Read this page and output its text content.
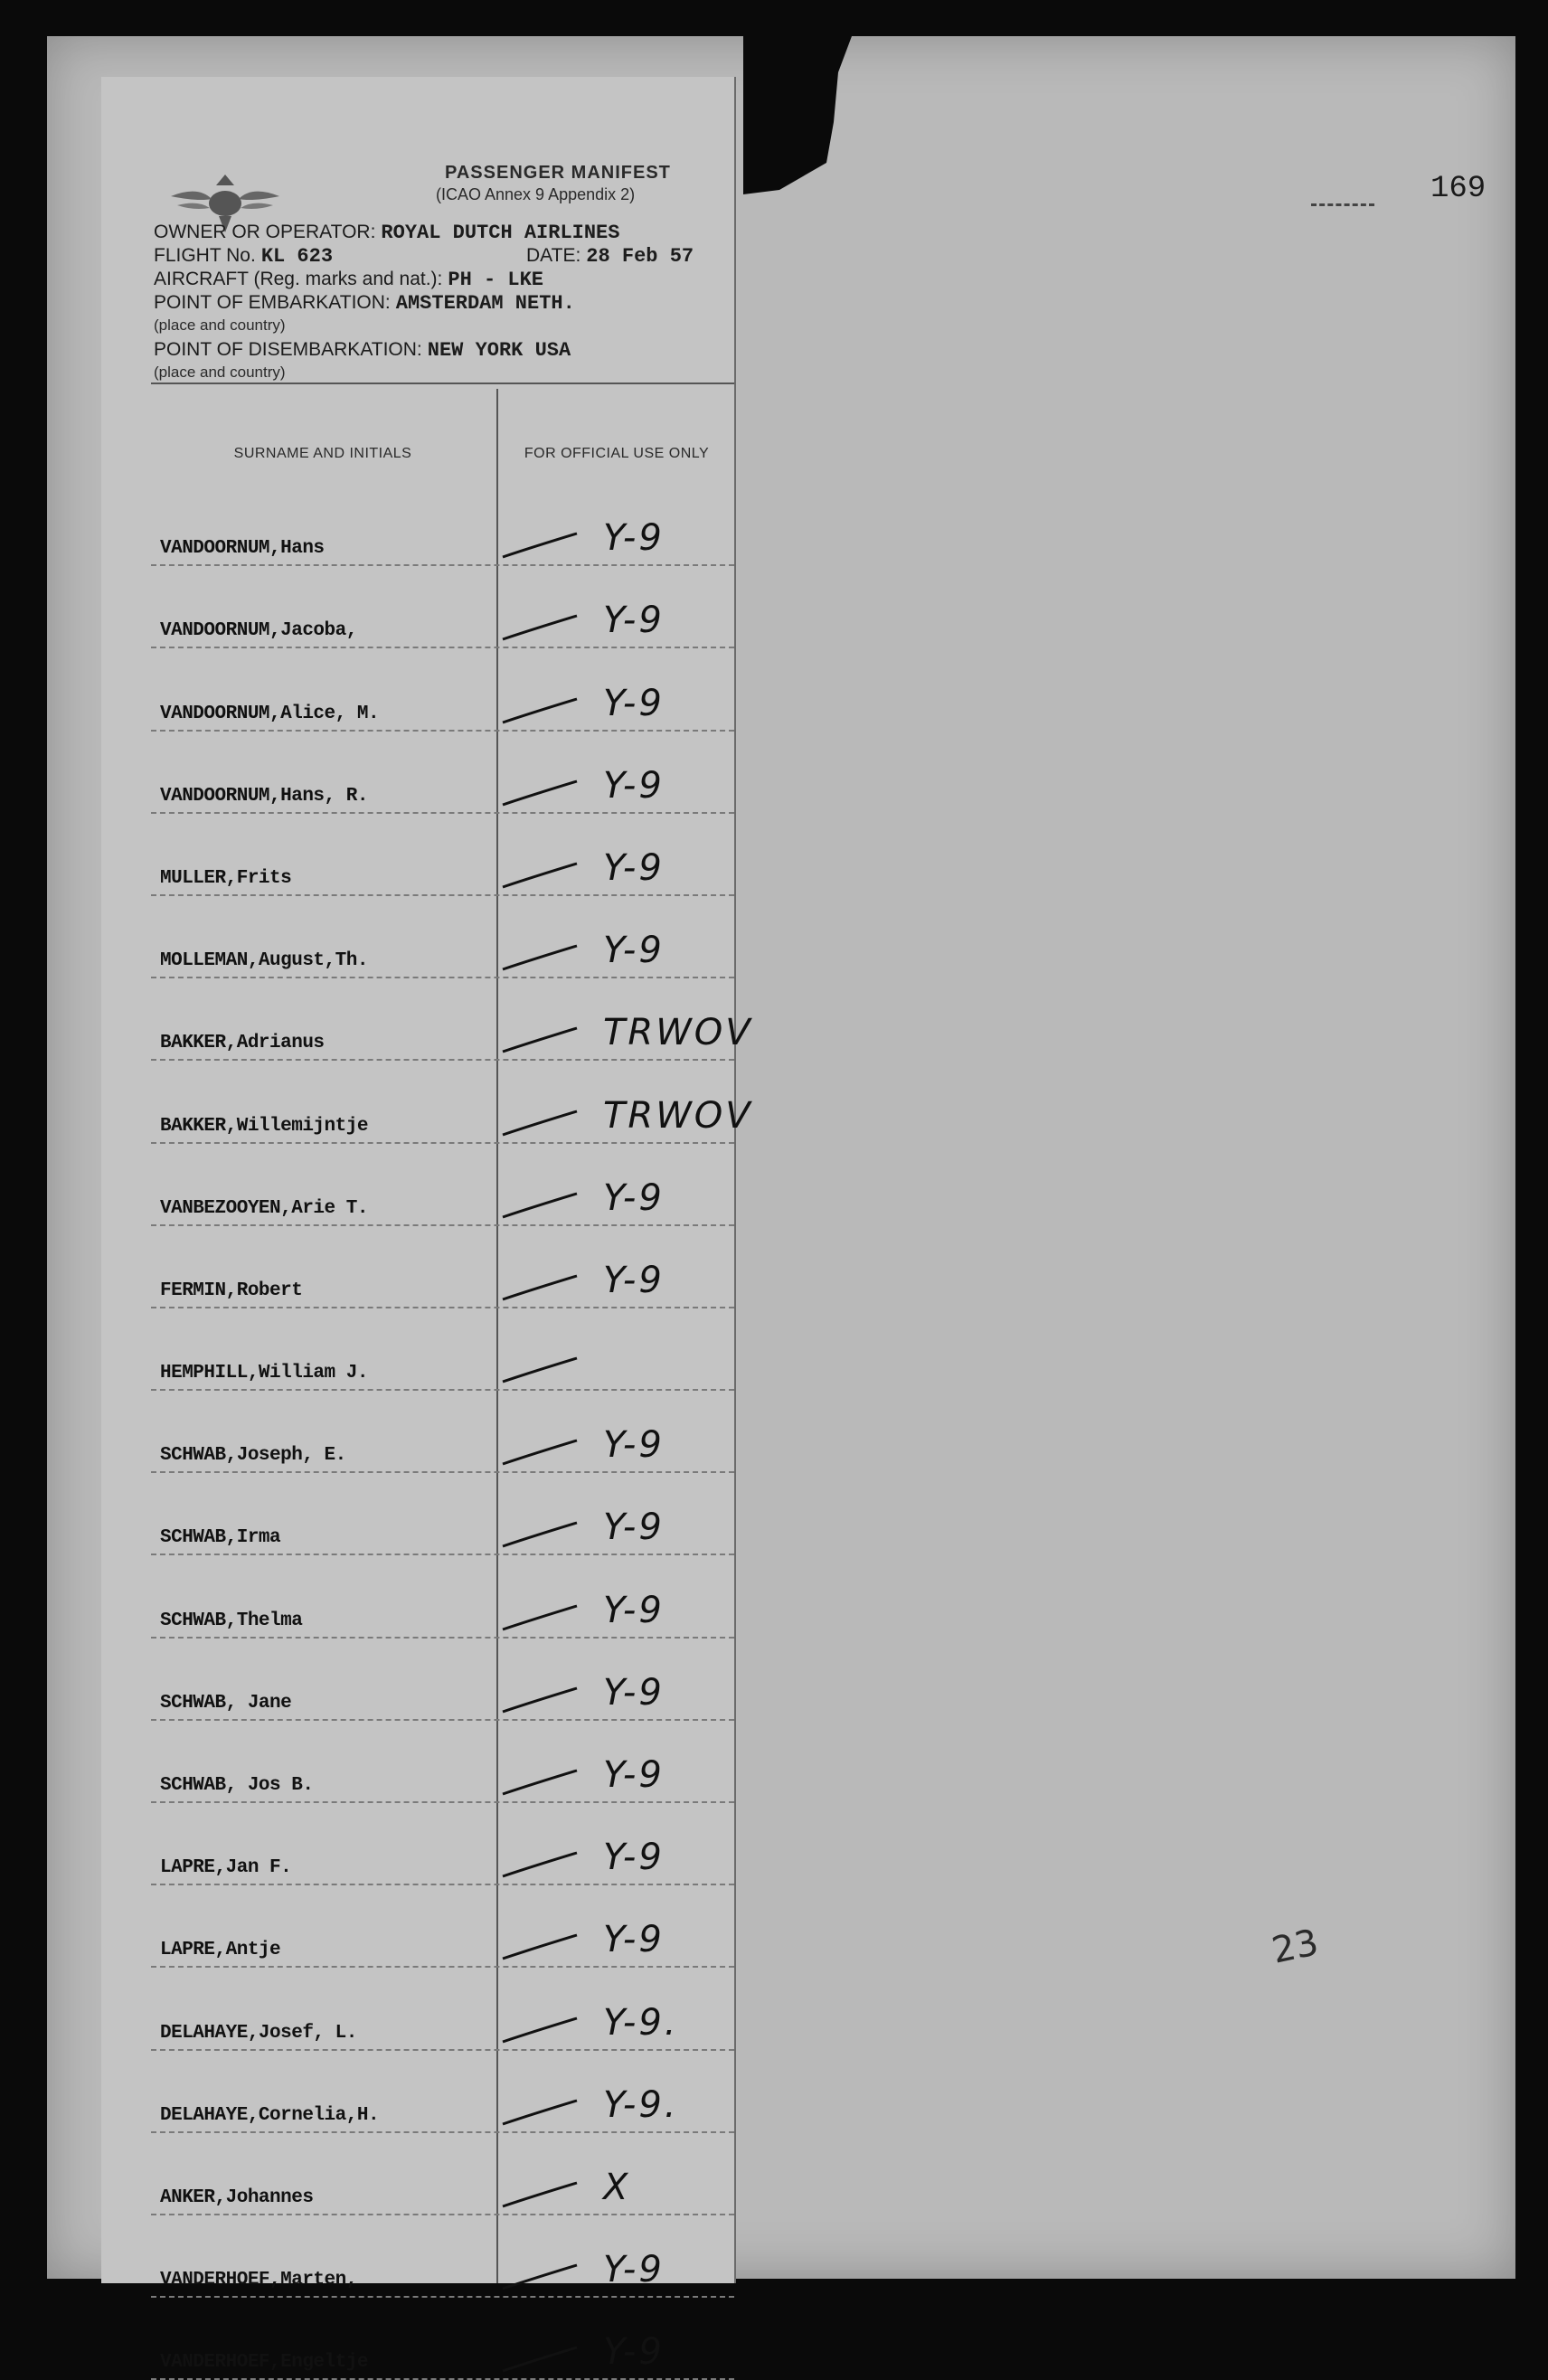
169
23
PASSENGER MANIFEST
(ICAO Annex 9 Appendix 2)
OWNER OR OPERATOR: ROYAL DUTCH AIRLINES
FLIGHT No. KL 623	DATE: 28 Feb 57
AIRCRAFT (Reg. marks and nat.): PH - LKE
POINT OF EMBARKATION: AMSTERDAM NETH.
(place and country)
POINT OF DISEMBARKATION: NEW YORK USA
(place and country)
SURNAME AND INITIALS	FOR OFFICIAL USE ONLY
VANDOORNUM,Hans	Y-9
VANDOORNUM,Jacoba,	Y-9
VANDOORNUM,Alice, M.	Y-9
VANDOORNUM,Hans, R.	Y-9
MULLER,Frits	Y-9
MOLLEMAN,August,Th.	Y-9
BAKKER,Adrianus	TRWOV
BAKKER,Willemijntje	TRWOV
VANBEZOOYEN,Arie T.	Y-9
FERMIN,Robert	Y-9
HEMPHILL,William J.
SCHWAB,Joseph, E.	Y-9
SCHWAB,Irma	Y-9
SCHWAB,Thelma	Y-9
SCHWAB, Jane	Y-9
SCHWAB, Jos B.	Y-9
LAPRE,Jan F.	Y-9
LAPRE,Antje	Y-9
DELAHAYE,Josef, L.	Y-9.
DELAHAYE,Cornelia,H.	Y-9.
ANKER,Johannes	X
VANDERHOEF,Marten,	Y-9
VANDERHOEF,Engeltje	Y-9
